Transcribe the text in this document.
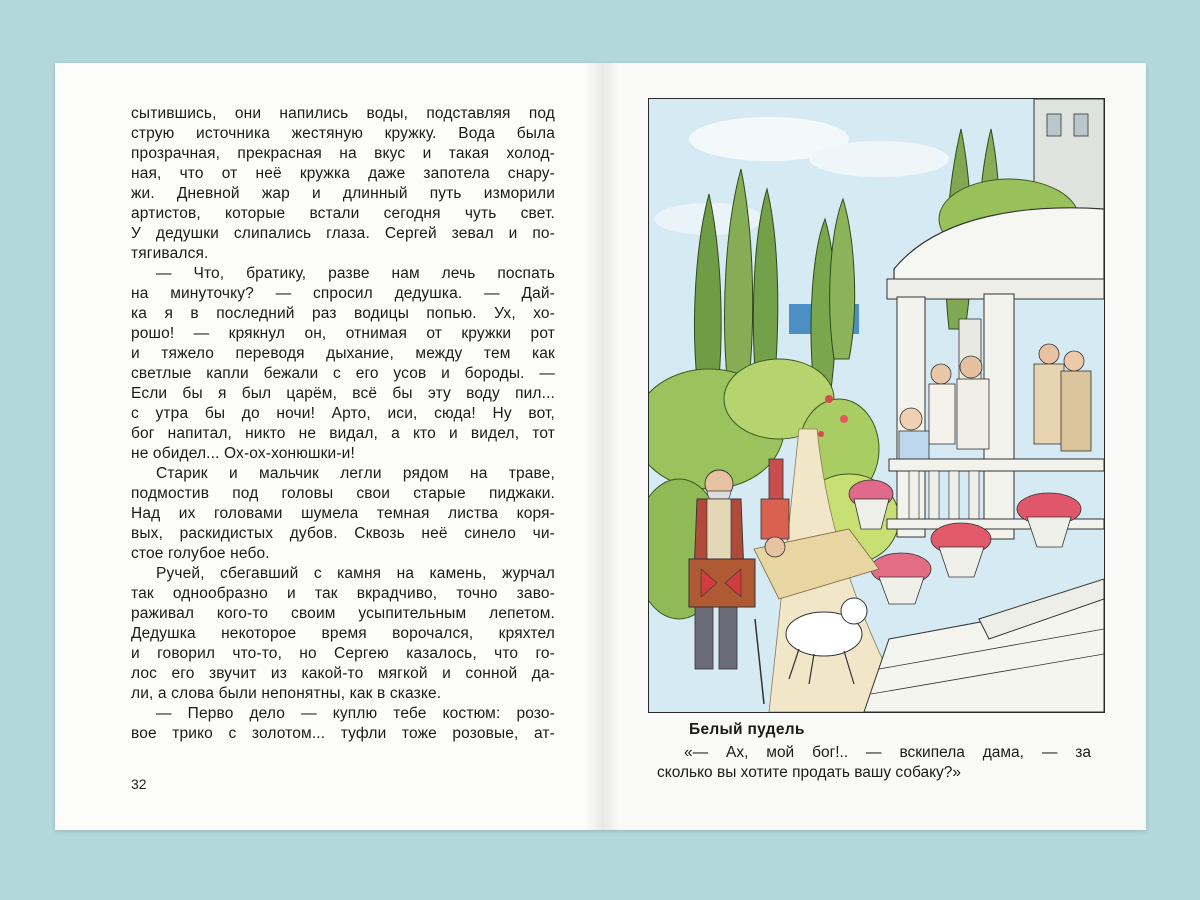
сытившись, они напились воды, подставляя под
струю источника жестяную кружку. Вода была
прозрачная, прекрасная на вкус и такая холод-
ная, что от неё кружка даже запотела снару-
жи. Дневной жар и длинный путь изморили
артистов, которые встали сегодня чуть свет.
У дедушки слипались глаза. Сергей зевал и по-
тягивался.
— Что, братику, разве нам лечь поспать
на минуточку? — спросил дедушка. — Дай-
ка я в последний раз водицы попью. Ух, хо-
рошо! — крякнул он, отнимая от кружки рот
и тяжело переводя дыхание, между тем как
светлые капли бежали с его усов и бороды. —
Если бы я был царём, всё бы эту воду пил...
с утра бы до ночи! Арто, иси, сюда! Ну вот,
бог напитал, никто не видал, а кто и видел, тот
не обидел... Ох-ох-хонюшки-и!
Старик и мальчик легли рядом на траве,
подмостив под головы свои старые пиджаки.
Над их головами шумела темная листва коря-
вых, раскидистых дубов. Сквозь неё синело чи-
стое голубое небо.
Ручей, сбегавший с камня на камень, журчал
так однообразно и так вкрадчиво, точно заво-
раживал кого-то своим усыпительным лепетом.
Дедушка некоторое время ворочался, кряхтел
и говорил что-то, но Сергею казалось, что го-
лос его звучит из какой-то мягкой и сонной да-
ли, а слова были непонятны, как в сказке.
— Перво дело — куплю тебе костюм: розо-
вое трико с золотом... туфли тоже розовые, ат-
32
Белый пудель
«— Ах, мой бог!.. — вскипела дама, — за
сколько вы хотите продать вашу собаку?»
